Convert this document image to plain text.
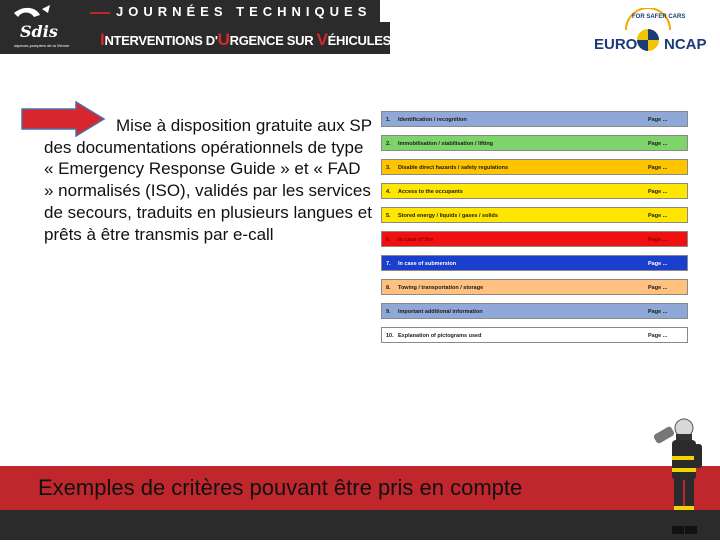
Sdis
sapeurs-pompiers de la Vienne
JOURNÉES TECHNIQUES
INTERVENTIONS D'URGENCE SUR VÉHICULES
FOR SAFER CARS
EURO NCAP
Mise à disposition gratuite aux SP des documentations opérationnels de type « Emergency Response Guide » et « FAD » normalisés (ISO), validés par les services de secours, traduits en plusieurs langues et prêts à être transmis par e-call
1. Identification / recognition	Page ...
2. Immobilisation / stabilisation / lifting	Page ...
3. Disable direct hazards / safety regulations	Page ...
4. Access to the occupants	Page ...
5. Stored energy / liquids / gases / solids	Page ...
6. In case of fire	Page ...
7. In case of submersion	Page ...
8. Towing / transportation / storage	Page ...
9. Important additional information	Page ...
10. Explanation of pictograms used	Page ...
Exemples de critères pouvant être pris en compte
